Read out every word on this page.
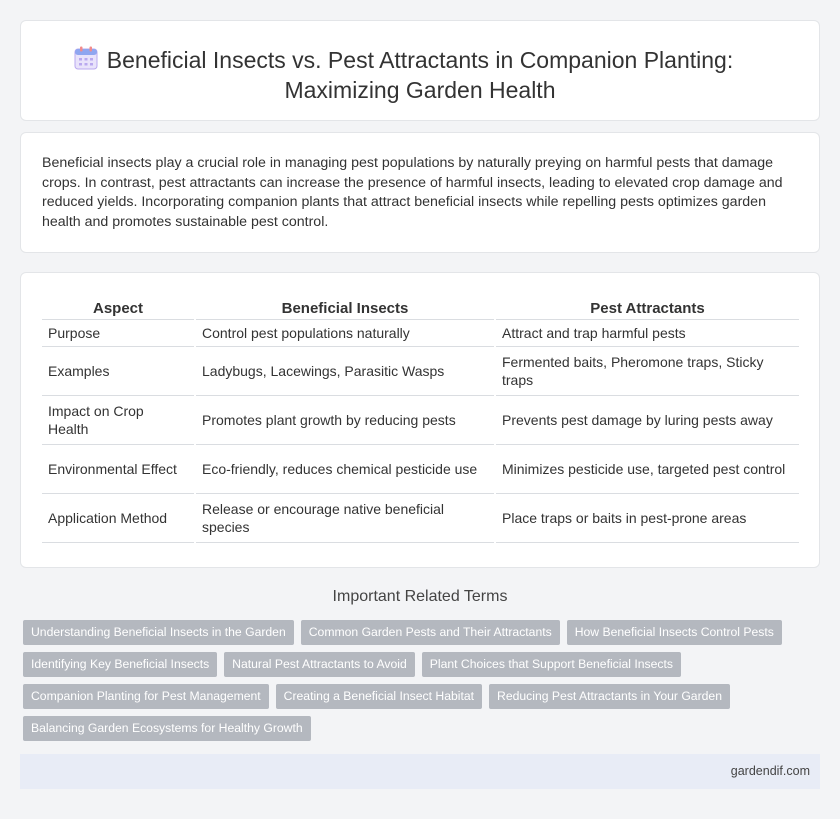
Beneficial Insects vs. Pest Attractants in Companion Planting:
Maximizing Garden Health

Beneficial insects play a crucial role in managing pest populations by naturally preying on harmful pests that damage crops. In contrast, pest attractants can increase the presence of harmful insects, leading to elevated crop damage and reduced yields. Incorporating companion plants that attract beneficial insects while repelling pests optimizes garden health and promotes sustainable pest control.

Aspect	Beneficial Insects	Pest Attractants
Purpose	Control pest populations naturally	Attract and trap harmful pests
Examples	Ladybugs, Lacewings, Parasitic Wasps	Fermented baits, Pheromone traps, Sticky traps
Impact on Crop Health	Promotes plant growth by reducing pests	Prevents pest damage by luring pests away
Environmental Effect	Eco-friendly, reduces chemical pesticide use	Minimizes pesticide use, targeted pest control
Application Method	Release or encourage native beneficial species	Place traps or baits in pest-prone areas
Important Related Terms
Understanding Beneficial Insects in the Garden	Common Garden Pests and Their Attractants	How Beneficial Insects Control Pests
Identifying Key Beneficial Insects	Natural Pest Attractants to Avoid	Plant Choices that Support Beneficial Insects
Companion Planting for Pest Management	Creating a Beneficial Insect Habitat	Reducing Pest Attractants in Your Garden
Balancing Garden Ecosystems for Healthy Growth
gardendif.com
